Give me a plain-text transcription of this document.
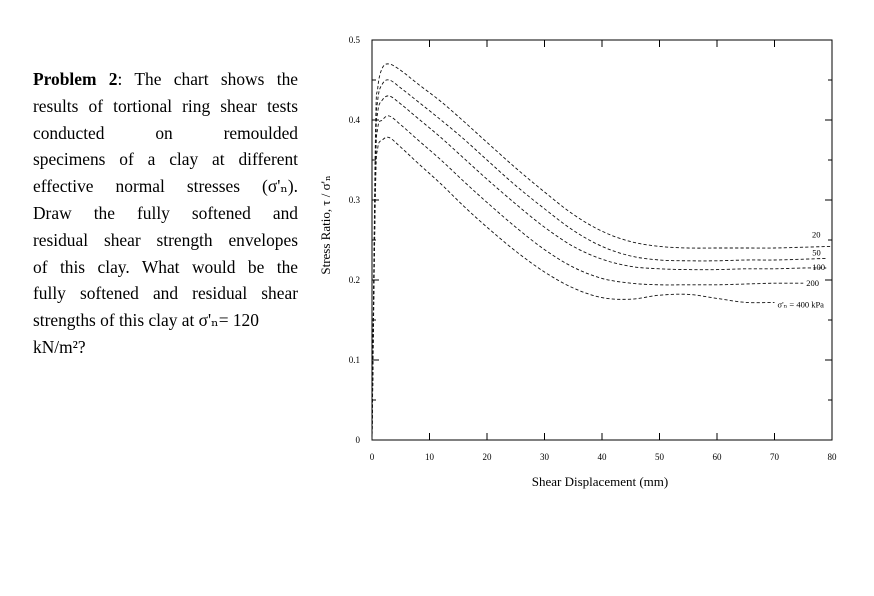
Problem 2: The chart shows the
results of tortional ring shear tests
conducted on remoulded
specimens of a clay at different
effective normal stresses (σ'ₙ).
Draw the fully softened and
residual shear strength envelopes
of this clay. What would be the
fully softened and residual shear
strengths of this clay at σ'ₙ= 120
kN/m²?
0	10	20	30	40	50	60	70	80
0
0.1
0.2
0.3
0.4
0.5
20
50
100
200
σ'ₙ = 400 kPa
Shear Displacement (mm)
Stress Ratio, τ / σ'ₙ
